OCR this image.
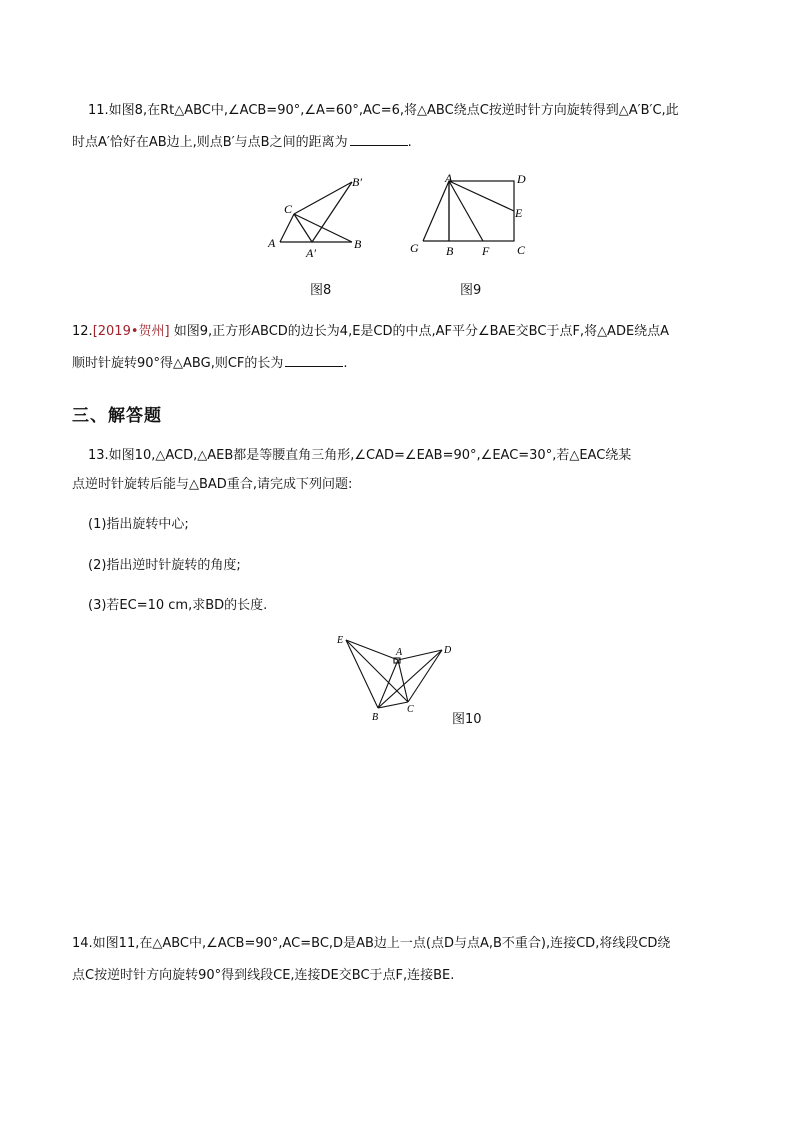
11.如图8,在Rt△ABC中,∠ACB=90°,∠A=60°,AC=6,将△ABC绕点C按逆时针方向旋转得到△A′B′C,此
时点A′恰好在AB边上,则点B′与点B之间的距离为	.
A	B
C
A′
B′
图8
A	D
E
C
G B F
图9
12.[2019•贺州] 如图9,正方形ABCD的边长为4,E是CD的中点,AF平分∠BAE交BC于点F,将△ADE绕点A
顺时针旋转90°得△ABG,则CF的长为	.
三、解答题
13.如图10,△ACD,△AEB都是等腰直角三角形,∠CAD=∠EAB=90°,∠EAC=30°,若△EAC绕某
点逆时针旋转后能与△BAD重合,请完成下列问题:
(1)指出旋转中心;
(2)指出逆时针旋转的角度;
(3)若EC=10 cm,求BD的长度.
E
A	D
B
C
图10
14.如图11,在△ABC中,∠ACB=90°,AC=BC,D是AB边上一点(点D与点A,B不重合),连接CD,将线段CD绕
点C按逆时针方向旋转90°得到线段CE,连接DE交BC于点F,连接BE.
